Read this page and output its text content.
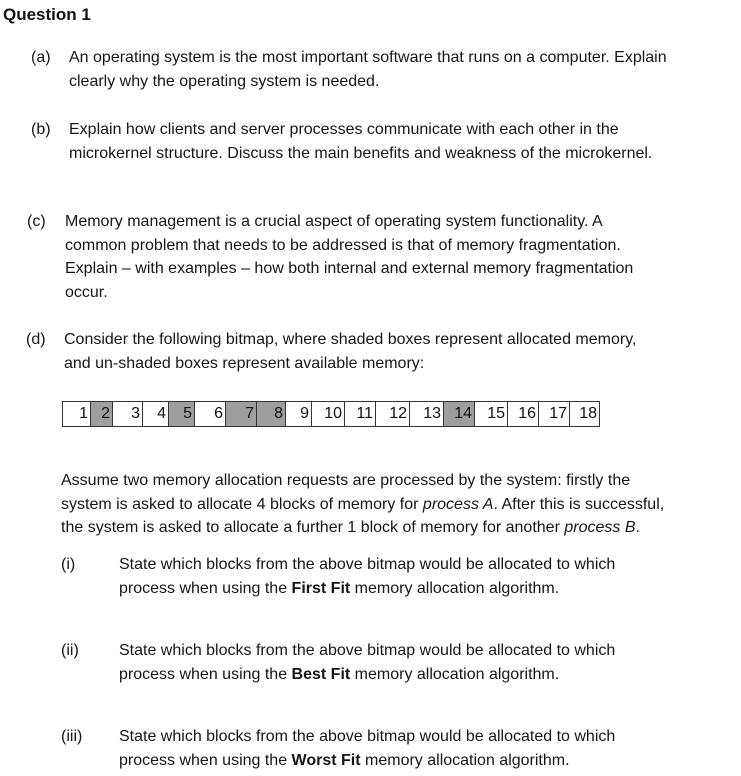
Question 1
(a) An operating system is the most important software that runs on a computer. Explain
clearly why the operating system is needed.
(b) Explain how clients and server processes communicate with each other in the
microkernel structure. Discuss the main benefits and weakness of the microkernel.
(c) Memory management is a crucial aspect of operating system functionality. A
common problem that needs to be addressed is that of memory fragmentation.
Explain – with examples – how both internal and external memory fragmentation
occur.
(d) Consider the following bitmap, where shaded boxes represent allocated memory,
and un-shaded boxes represent available memory:
1 2	3	4	5	6	7	8	9 10 11	12	13 14 15 16 17 18
Assume two memory allocation requests are processed by the system: firstly the
system is asked to allocate 4 blocks of memory for process A. After this is successful,
the system is asked to allocate a further 1 block of memory for another process B.
(i)	State which blocks from the above bitmap would be allocated to which
process when using the First Fit memory allocation algorithm.
(ii)	State which blocks from the above bitmap would be allocated to which
process when using the Best Fit memory allocation algorithm.
(iii) State which blocks from the above bitmap would be allocated to which
process when using the Worst Fit memory allocation algorithm.
